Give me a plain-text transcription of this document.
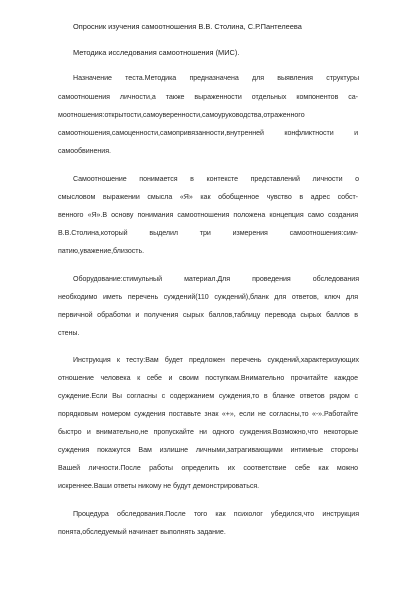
Опросник изучения самоотношения В.В. Столина, С.Р.Пантелеева
Методика исследования самоотношения (МИС).
Назначение теста.Методика предназначена для выявления структуры
самоотношения личности,а также выраженности отдельных компонентов са-
моотношения:открытости,самоуверенности,самоуруководства,отраженного
самоотношения,самоценности,самопривязанности,внутренней конфликтности и
самообвинения.
Самоотношение понимается в контексте представлений личности о
смысловом выражении смысла «Я» как обобщенное чувство в адрес собст-
венного «Я».В основу понимания самоотношения положена концепция само создания
В.В.Столина,который выделил три измерения самоотношения:сим-
патию,уважение,близость.
Оборудование:стимульный материал.Для проведения обследования
необходимо иметь перечень суждений(110 суждений),бланк для ответов, ключ для
первичной обработки и получения сырых баллов,таблицу перевода сырых баллов в
стены.
Инструкция к тесту:Вам будет предложен перечень суждений,характеризующих
отношение человека к себе и своим поступкам.Внимательно прочитайте каждое
суждение.Если Вы согласны с содержанием суждения,то в бланке ответов рядом с
порядковым номером суждения поставьте знак «+», если не согласны,то «-».Работайте
быстро и внимательно,не пропускайте ни одного суждения.Возможно,что некоторые
суждения покажутся Вам излишне личными,затрагивающими интимные стороны
Вашей личности.После работы определить их соответствие себе как можно
искреннее.Ваши ответы никому не будут демонстрироваться.
Процедура обследования.После того как психолог убедился,что инструкция
понята,обследуемый начинает выполнять задание.
